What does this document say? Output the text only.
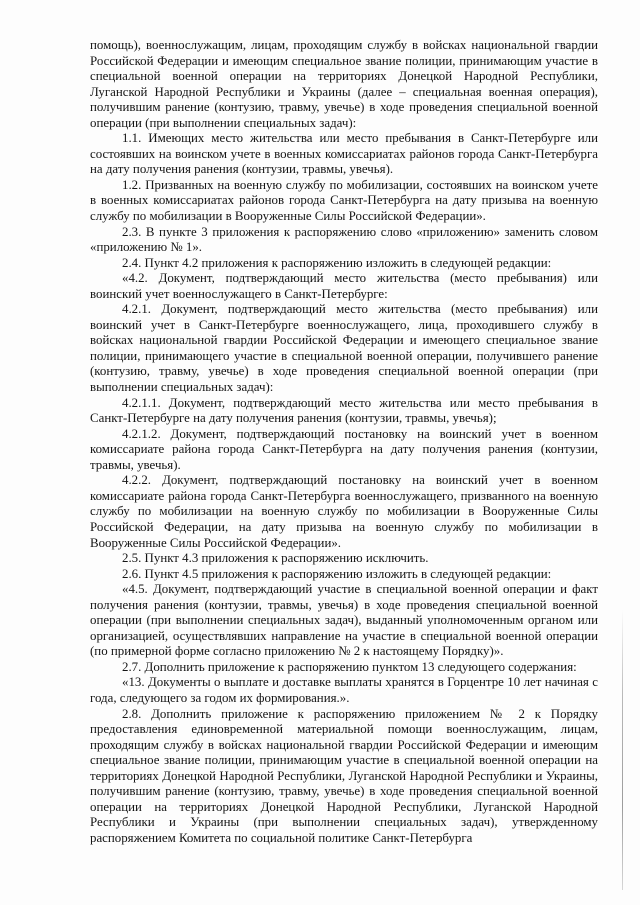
помощь), военнослужащим, лицам, проходящим службу в войсках национальной гвардии Российской Федерации и имеющим специальное звание полиции, принимающим участие в специальной военной операции на территориях Донецкой Народной Республики, Луганской Народной Республики и Украины (далее – специальная военная операция), получившим ранение (контузию, травму, увечье) в ходе проведения специальной военной операции (при выполнении специальных задач):

1.1. Имеющих место жительства или место пребывания в Санкт-Петербурге или состоявших на воинском учете в военных комиссариатах районов города Санкт-Петербурга на дату получения ранения (контузии, травмы, увечья).

1.2. Призванных на военную службу по мобилизации, состоявших на воинском учете в военных комиссариатах районов города Санкт-Петербурга на дату призыва на военную службу по мобилизации в Вооруженные Силы Российской Федерации».

2.3. В пункте 3 приложения к распоряжению слово «приложению» заменить словом «приложению № 1».

2.4. Пункт 4.2 приложения к распоряжению изложить в следующей редакции:

«4.2. Документ, подтверждающий место жительства (место пребывания) или воинский учет военнослужащего в Санкт-Петербурге:

4.2.1. Документ, подтверждающий место жительства (место пребывания) или воинский учет в Санкт-Петербурге военнослужащего, лица, проходившего службу в войсках национальной гвардии Российской Федерации и имеющего специальное звание полиции, принимающего участие в специальной военной операции, получившего ранение (контузию, травму, увечье) в ходе проведения специальной военной операции (при выполнении специальных задач):

4.2.1.1. Документ, подтверждающий место жительства или место пребывания в Санкт-Петербурге на дату получения ранения (контузии, травмы, увечья);

4.2.1.2. Документ, подтверждающий постановку на воинский учет в военном комиссариате района города Санкт-Петербурга на дату получения ранения (контузии, травмы, увечья).

4.2.2. Документ, подтверждающий постановку на воинский учет в военном комиссариате района города Санкт-Петербурга военнослужащего, призванного на военную службу по мобилизации на военную службу по мобилизации в Вооруженные Силы Российской Федерации, на дату призыва на военную службу по мобилизации в Вооруженные Силы Российской Федерации».

2.5. Пункт 4.3 приложения к распоряжению исключить.

2.6. Пункт 4.5 приложения к распоряжению изложить в следующей редакции:

«4.5. Документ, подтверждающий участие в специальной военной операции и факт получения ранения (контузии, травмы, увечья) в ходе проведения специальной военной операции (при выполнении специальных задач), выданный уполномоченным органом или организацией, осуществлявших направление на участие в специальной военной операции (по примерной форме согласно приложению № 2 к настоящему Порядку)».

2.7. Дополнить приложение к распоряжению пунктом 13 следующего содержания:

«13. Документы о выплате и доставке выплаты хранятся в Горцентре 10 лет начиная с года, следующего за годом их формирования.».

2.8. Дополнить приложение к распоряжению приложением № 2 к Порядку предоставления единовременной материальной помощи военнослужащим, лицам, проходящим службу в войсках национальной гвардии Российской Федерации и имеющим специальное звание полиции, принимающим участие в специальной военной операции на территориях Донецкой Народной Республики, Луганской Народной Республики и Украины, получившим ранение (контузию, травму, увечье) в ходе проведения специальной военной операции на территориях Донецкой Народной Республики, Луганской Народной Республики и Украины (при выполнении специальных задач), утвержденному распоряжением Комитета по социальной политике Санкт-Петербурга
